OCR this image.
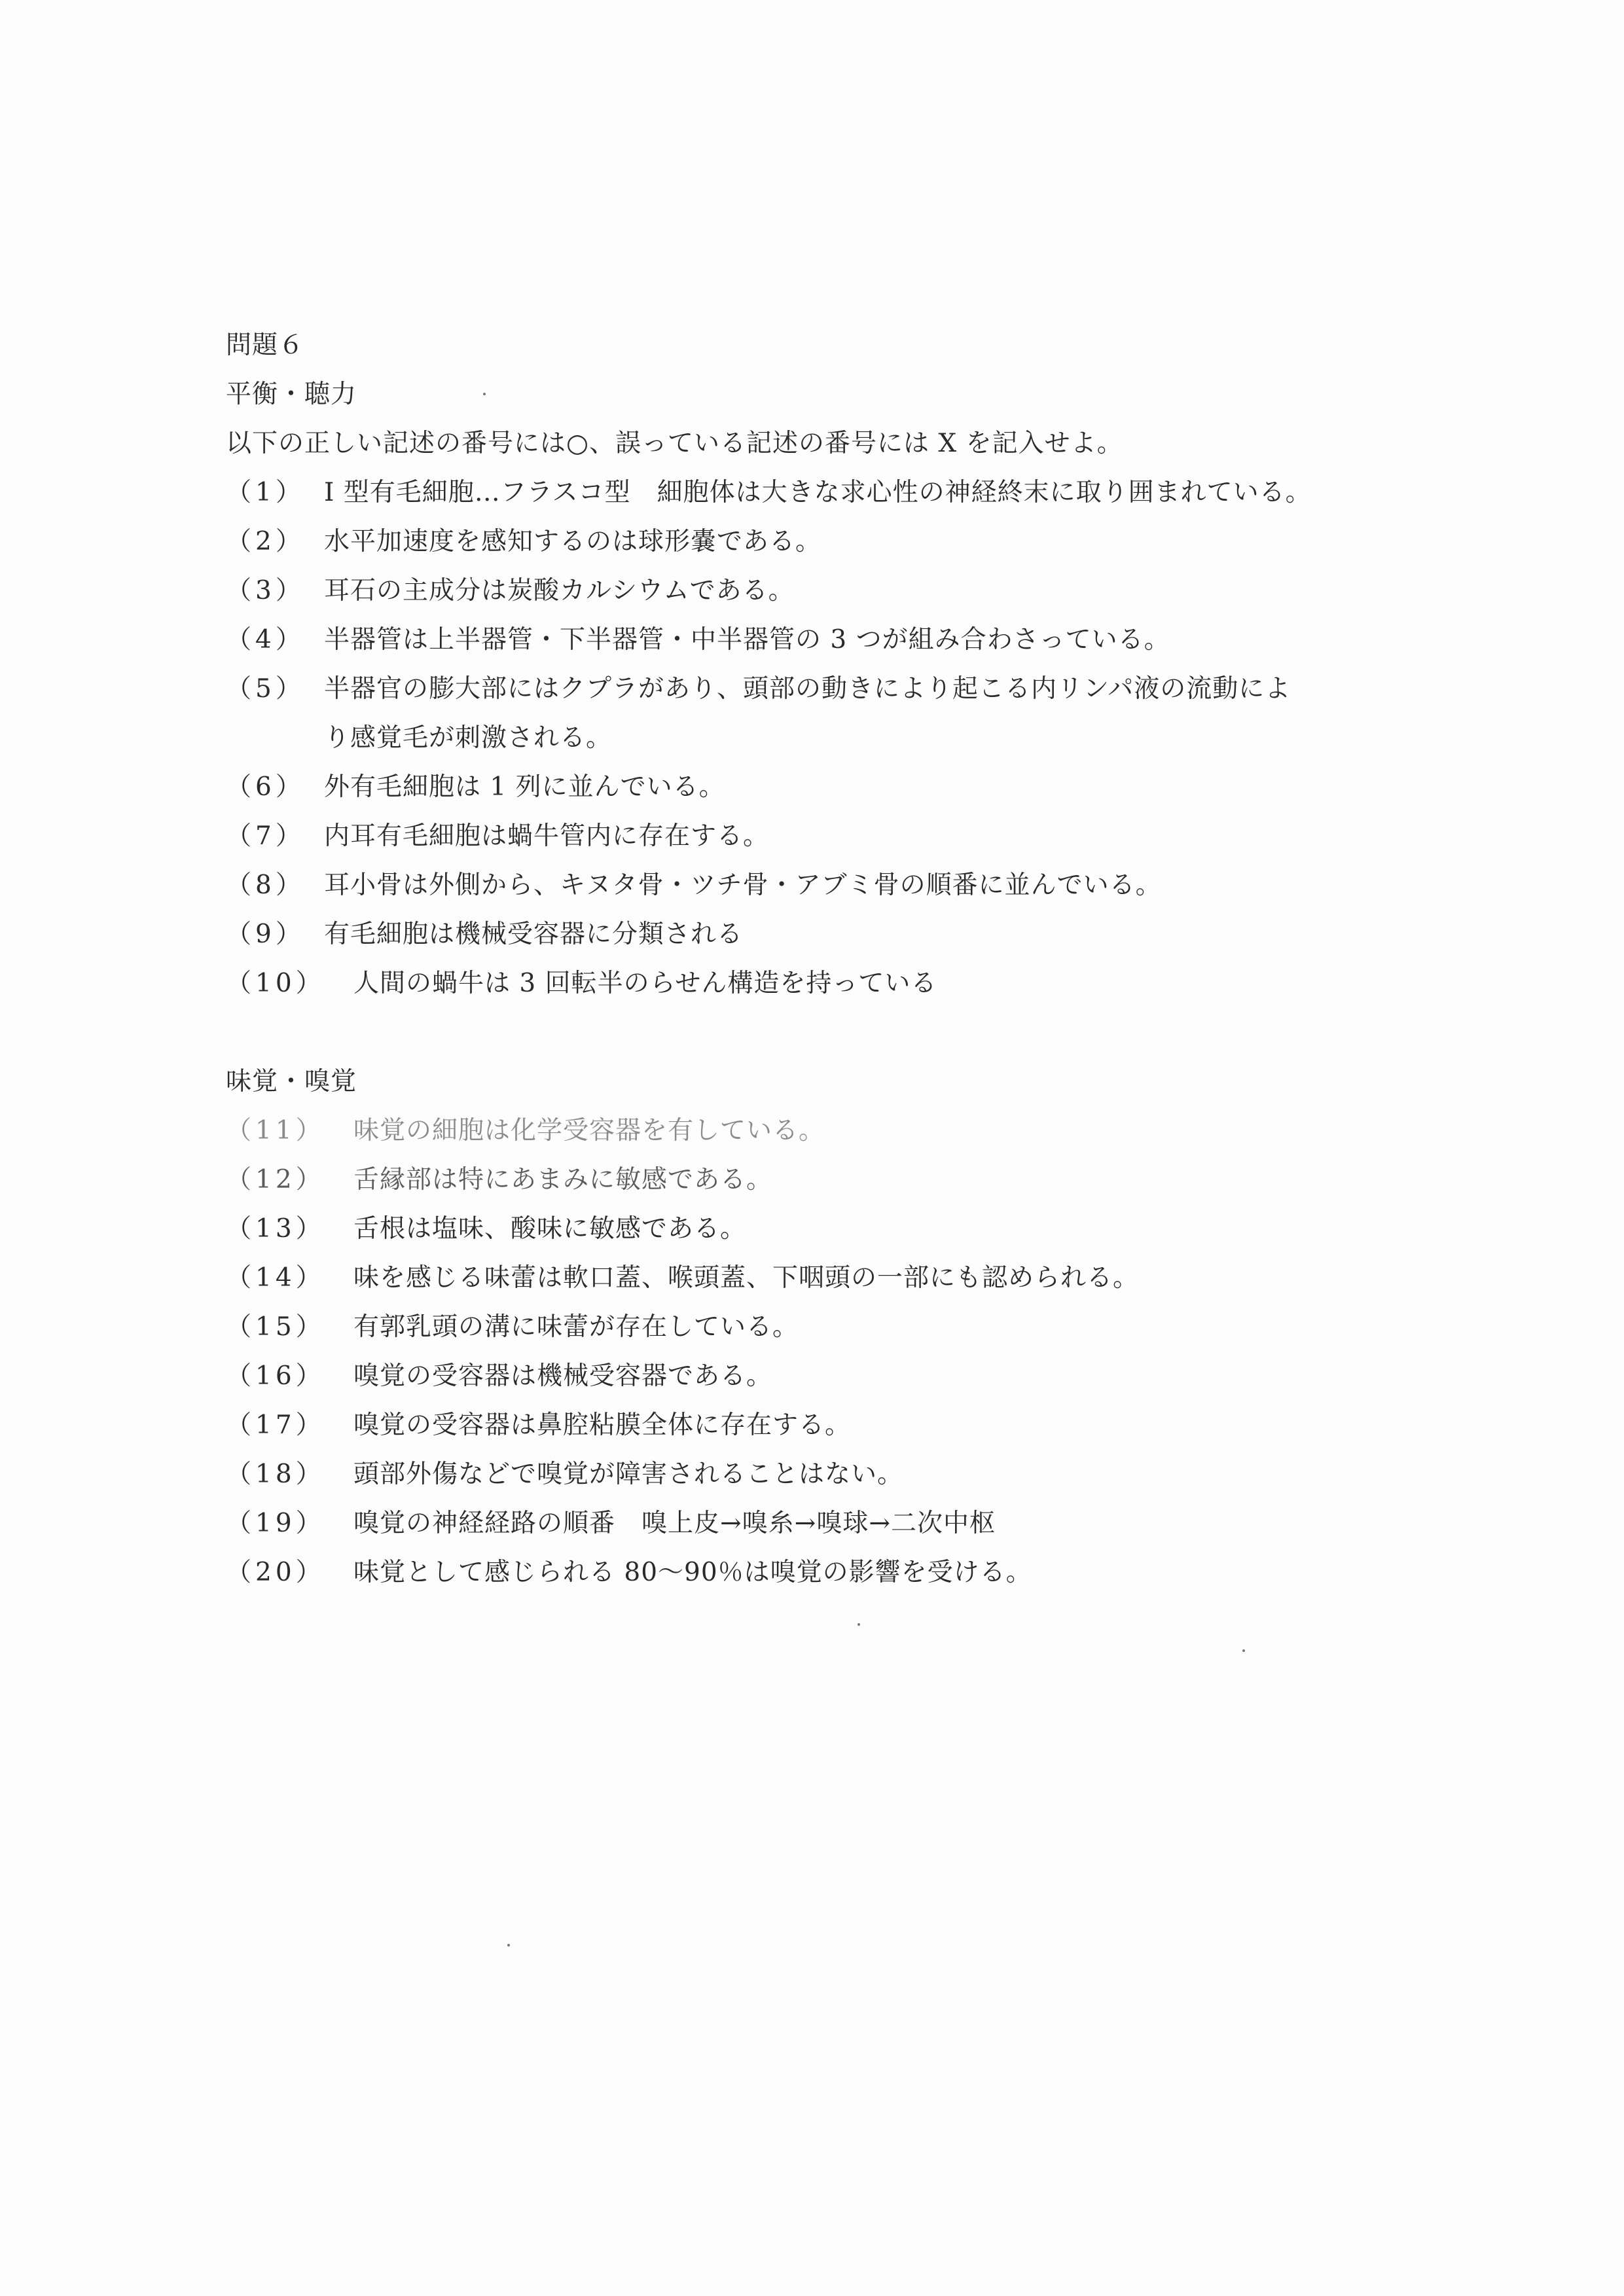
問題６
平衡・聴力
以下の正しい記述の番号には○、誤っている記述の番号には X を記入せよ。
（1） I 型有毛細胞…フラスコ型　細胞体は大きな求心性の神経終末に取り囲まれている。
（2） 水平加速度を感知するのは球形嚢である。
（3） 耳石の主成分は炭酸カルシウムである。
（4） 半器管は上半器管・下半器管・中半器管の 3 つが組み合わさっている。
（5） 半器官の膨大部にはクプラがあり、頭部の動きにより起こる内リンパ液の流動によ
り感覚毛が刺激される。
（6） 外有毛細胞は 1 列に並んでいる。
（7） 内耳有毛細胞は蝸牛管内に存在する。
（8） 耳小骨は外側から、キヌタ骨・ツチ骨・アブミ骨の順番に並んでいる。
（9） 有毛細胞は機械受容器に分類される
（10）	人間の蝸牛は 3 回転半のらせん構造を持っている
味覚・嗅覚
（11）	味覚の細胞は化学受容器を有している。
（12）	舌縁部は特にあまみに敏感である。
（13）	舌根は塩味、酸味に敏感である。
（14）	味を感じる味蕾は軟口蓋、喉頭蓋、下咽頭の一部にも認められる。
（15）	有郭乳頭の溝に味蕾が存在している。
（16）	嗅覚の受容器は機械受容器である。
（17）	嗅覚の受容器は鼻腔粘膜全体に存在する。
（18）	頭部外傷などで嗅覚が障害されることはない。
（19）	嗅覚の神経経路の順番　嗅上皮→嗅糸→嗅球→二次中枢
（20）	味覚として感じられる 80～90％は嗅覚の影響を受ける。
